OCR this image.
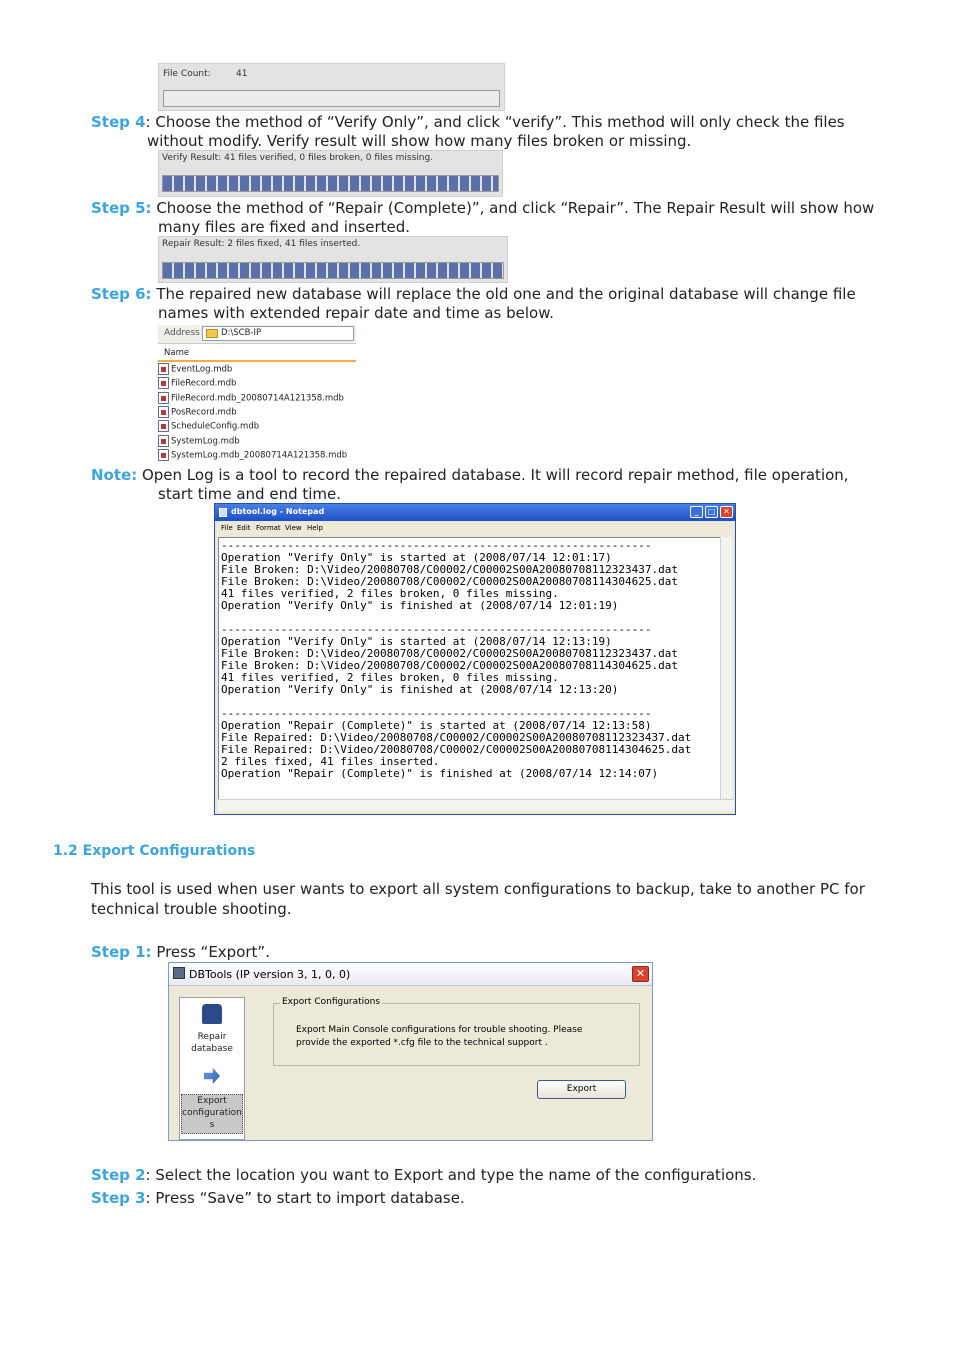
File Count:	41
Step 4: Choose the method of “Verify Only”, and click “verify”. This method will only check the files
without modify. Verify result will show how many files broken or missing.
Verify Result: 41 files verified, 0 files broken, 0 files missing.
Step 5: Choose the method of “Repair (Complete)”, and click “Repair”. The Repair Result will show how
many files are fixed and inserted.
Repair Result: 2 files fixed, 41 files inserted.
Step 6: The repaired new database will replace the old one and the original database will change file
names with extended repair date and time as below.
Address D:\SCB-IP
Name
EventLog.mdb
FileRecord.mdb
FileRecord.mdb_20080714A121358.mdb
PosRecord.mdb
ScheduleConfig.mdb
SystemLog.mdb
SystemLog.mdb_20080714A121358.mdb
Note: Open Log is a tool to record the repaired database. It will record repair method, file operation,
start time and end time.
dbtool.log - Notepad	_	□ ✕
File Edit Format View Help
-----------------------------------------------------------------
Operation "Verify Only" is started at (2008/07/14 12:01:17)
File Broken: D:\Video/20080708/C00002/C00002S00A20080708112323437.dat
File Broken: D:\Video/20080708/C00002/C00002S00A20080708114304625.dat
41 files verified, 2 files broken, 0 files missing.
Operation "Verify Only" is finished at (2008/07/14 12:01:19)
-----------------------------------------------------------------
Operation "Verify Only" is started at (2008/07/14 12:13:19)
File Broken: D:\Video/20080708/C00002/C00002S00A20080708112323437.dat
File Broken: D:\Video/20080708/C00002/C00002S00A20080708114304625.dat
41 files verified, 2 files broken, 0 files missing.
Operation "Verify Only" is finished at (2008/07/14 12:13:20)
-----------------------------------------------------------------
Operation "Repair (Complete)" is started at (2008/07/14 12:13:58)
File Repaired: D:\Video/20080708/C00002/C00002S00A20080708112323437.dat
File Repaired: D:\Video/20080708/C00002/C00002S00A20080708114304625.dat
2 files fixed, 41 files inserted.
Operation "Repair (Complete)" is finished at (2008/07/14 12:14:07)
1.2 Export Configurations
This tool is used when user wants to export all system configurations to backup, take to another PC for
technical trouble shooting.
Step 1: Press “Export”.
DBTools (IP version 3, 1, 0, 0)	✕
Repair
database
Export
configuration
s
Export Configurations
Export Main Console configurations for trouble shooting. Please
provide the exported *.cfg file to the technical support .
Export
Step 2: Select the location you want to Export and type the name of the configurations.
Step 3: Press “Save” to start to import database.
